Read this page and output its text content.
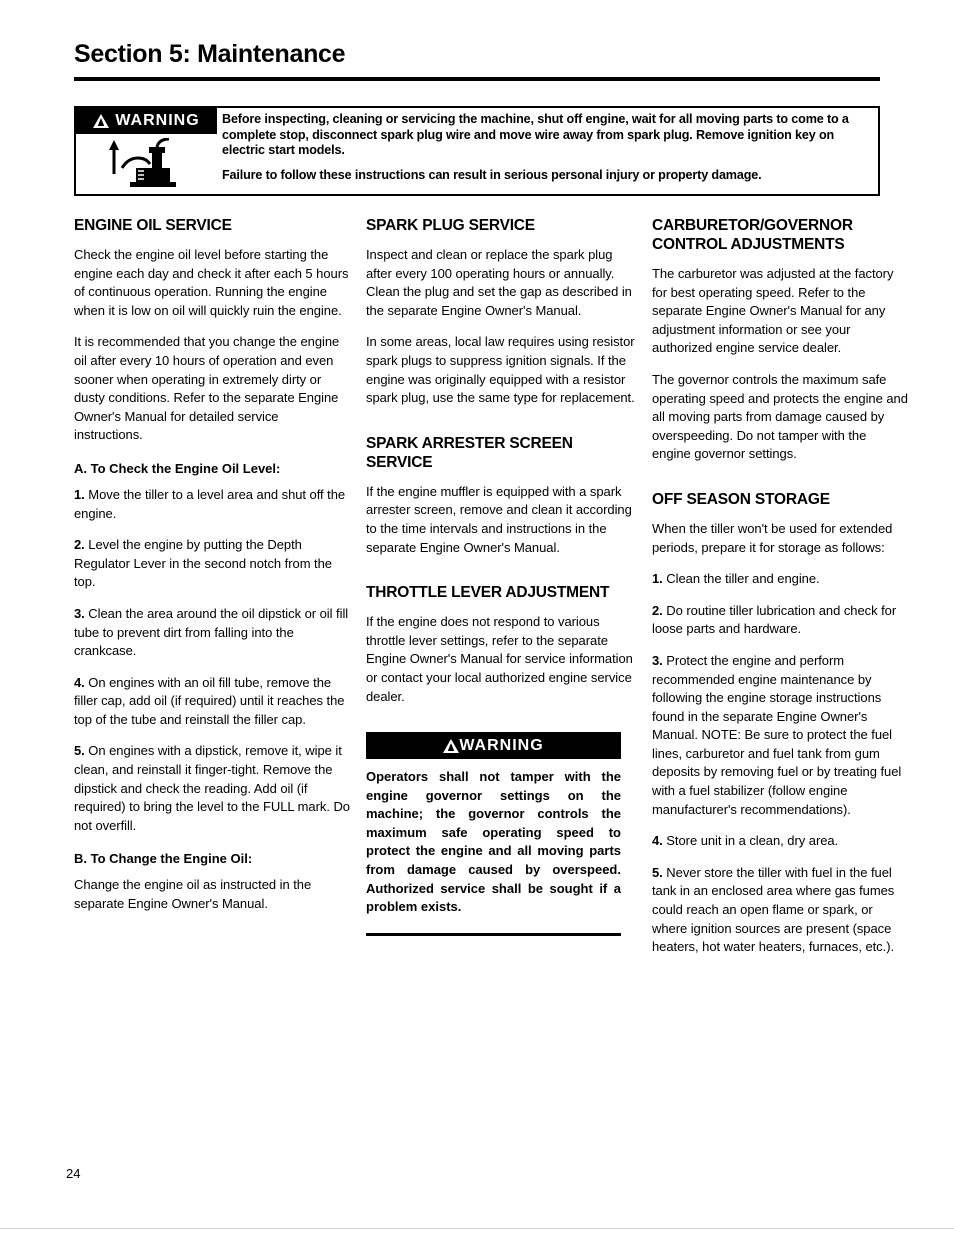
Section 5: Maintenance
WARNING Before inspecting, cleaning or servicing the machine, shut off engine, wait for all moving parts to come to a complete stop, disconnect spark plug wire and move wire away from spark plug. Remove ignition key on electric start models.

Failure to follow these instructions can result in serious personal injury or property damage.

ENGINE OIL SERVICE

Check the engine oil level before starting the engine each day and check it after each 5 hours of continuous operation. Running the engine when it is low on oil will quickly ruin the engine.

It is recommended that you change the engine oil after every 10 hours of operation and even sooner when operating in extremely dirty or dusty conditions. Refer to the separate Engine Owner's Manual for detailed service instructions.

A. To Check the Engine Oil Level:

1. Move the tiller to a level area and shut off the engine.

2. Level the engine by putting the Depth Regulator Lever in the second notch from the top.

3. Clean the area around the oil dipstick or oil fill tube to prevent dirt from falling into the crankcase.

4. On engines with an oil fill tube, remove the filler cap, add oil (if required) until it reaches the top of the tube and reinstall the filler cap.

5. On engines with a dipstick, remove it, wipe it clean, and reinstall it finger-tight. Remove the dipstick and check the reading. Add oil (if required) to bring the level to the FULL mark. Do not overfill.

B. To Change the Engine Oil:

Change the engine oil as instructed in the separate Engine Owner's Manual.

SPARK PLUG SERVICE

Inspect and clean or replace the spark plug after every 100 operating hours or annually. Clean the plug and set the gap as described in the separate Engine Owner's Manual.

In some areas, local law requires using resistor spark plugs to suppress ignition signals. If the engine was originally equipped with a resistor spark plug, use the same type for replacement.

SPARK ARRESTER SCREEN SERVICE

If the engine muffler is equipped with a spark arrester screen, remove and clean it according to the time intervals and instructions in the separate Engine Owner's Manual.

THROTTLE LEVER ADJUSTMENT

If the engine does not respond to various throttle lever settings, refer to the separate Engine Owner's Manual for service information or contact your local authorized engine service dealer.

WARNING
Operators shall not tamper with the engine governor settings on the machine; the governor controls the maximum safe operating speed to protect the engine and all moving parts from damage caused by overspeed. Authorized service shall be sought if a problem exists.
CARBURETOR/GOVERNOR CONTROL ADJUSTMENTS

The carburetor was adjusted at the factory for best operating speed. Refer to the separate Engine Owner's Manual for any adjustment information or see your authorized engine service dealer.

The governor controls the maximum safe operating speed and protects the engine and all moving parts from damage caused by overspeeding. Do not tamper with the engine governor settings.

OFF SEASON STORAGE

When the tiller won't be used for extended periods, prepare it for storage as follows:

1. Clean the tiller and engine.

2. Do routine tiller lubrication and check for loose parts and hardware.

3. Protect the engine and perform recommended engine maintenance by following the engine storage instructions found in the separate Engine Owner's Manual. NOTE: Be sure to protect the fuel lines, carburetor and fuel tank from gum deposits by removing fuel or by treating fuel with a fuel stabilizer (follow engine manufacturer's recommendations).

4. Store unit in a clean, dry area.

5. Never store the tiller with fuel in the fuel tank in an enclosed area where gas fumes could reach an open flame or spark, or where ignition sources are present (space heaters, hot water heaters, furnaces, etc.).

24
